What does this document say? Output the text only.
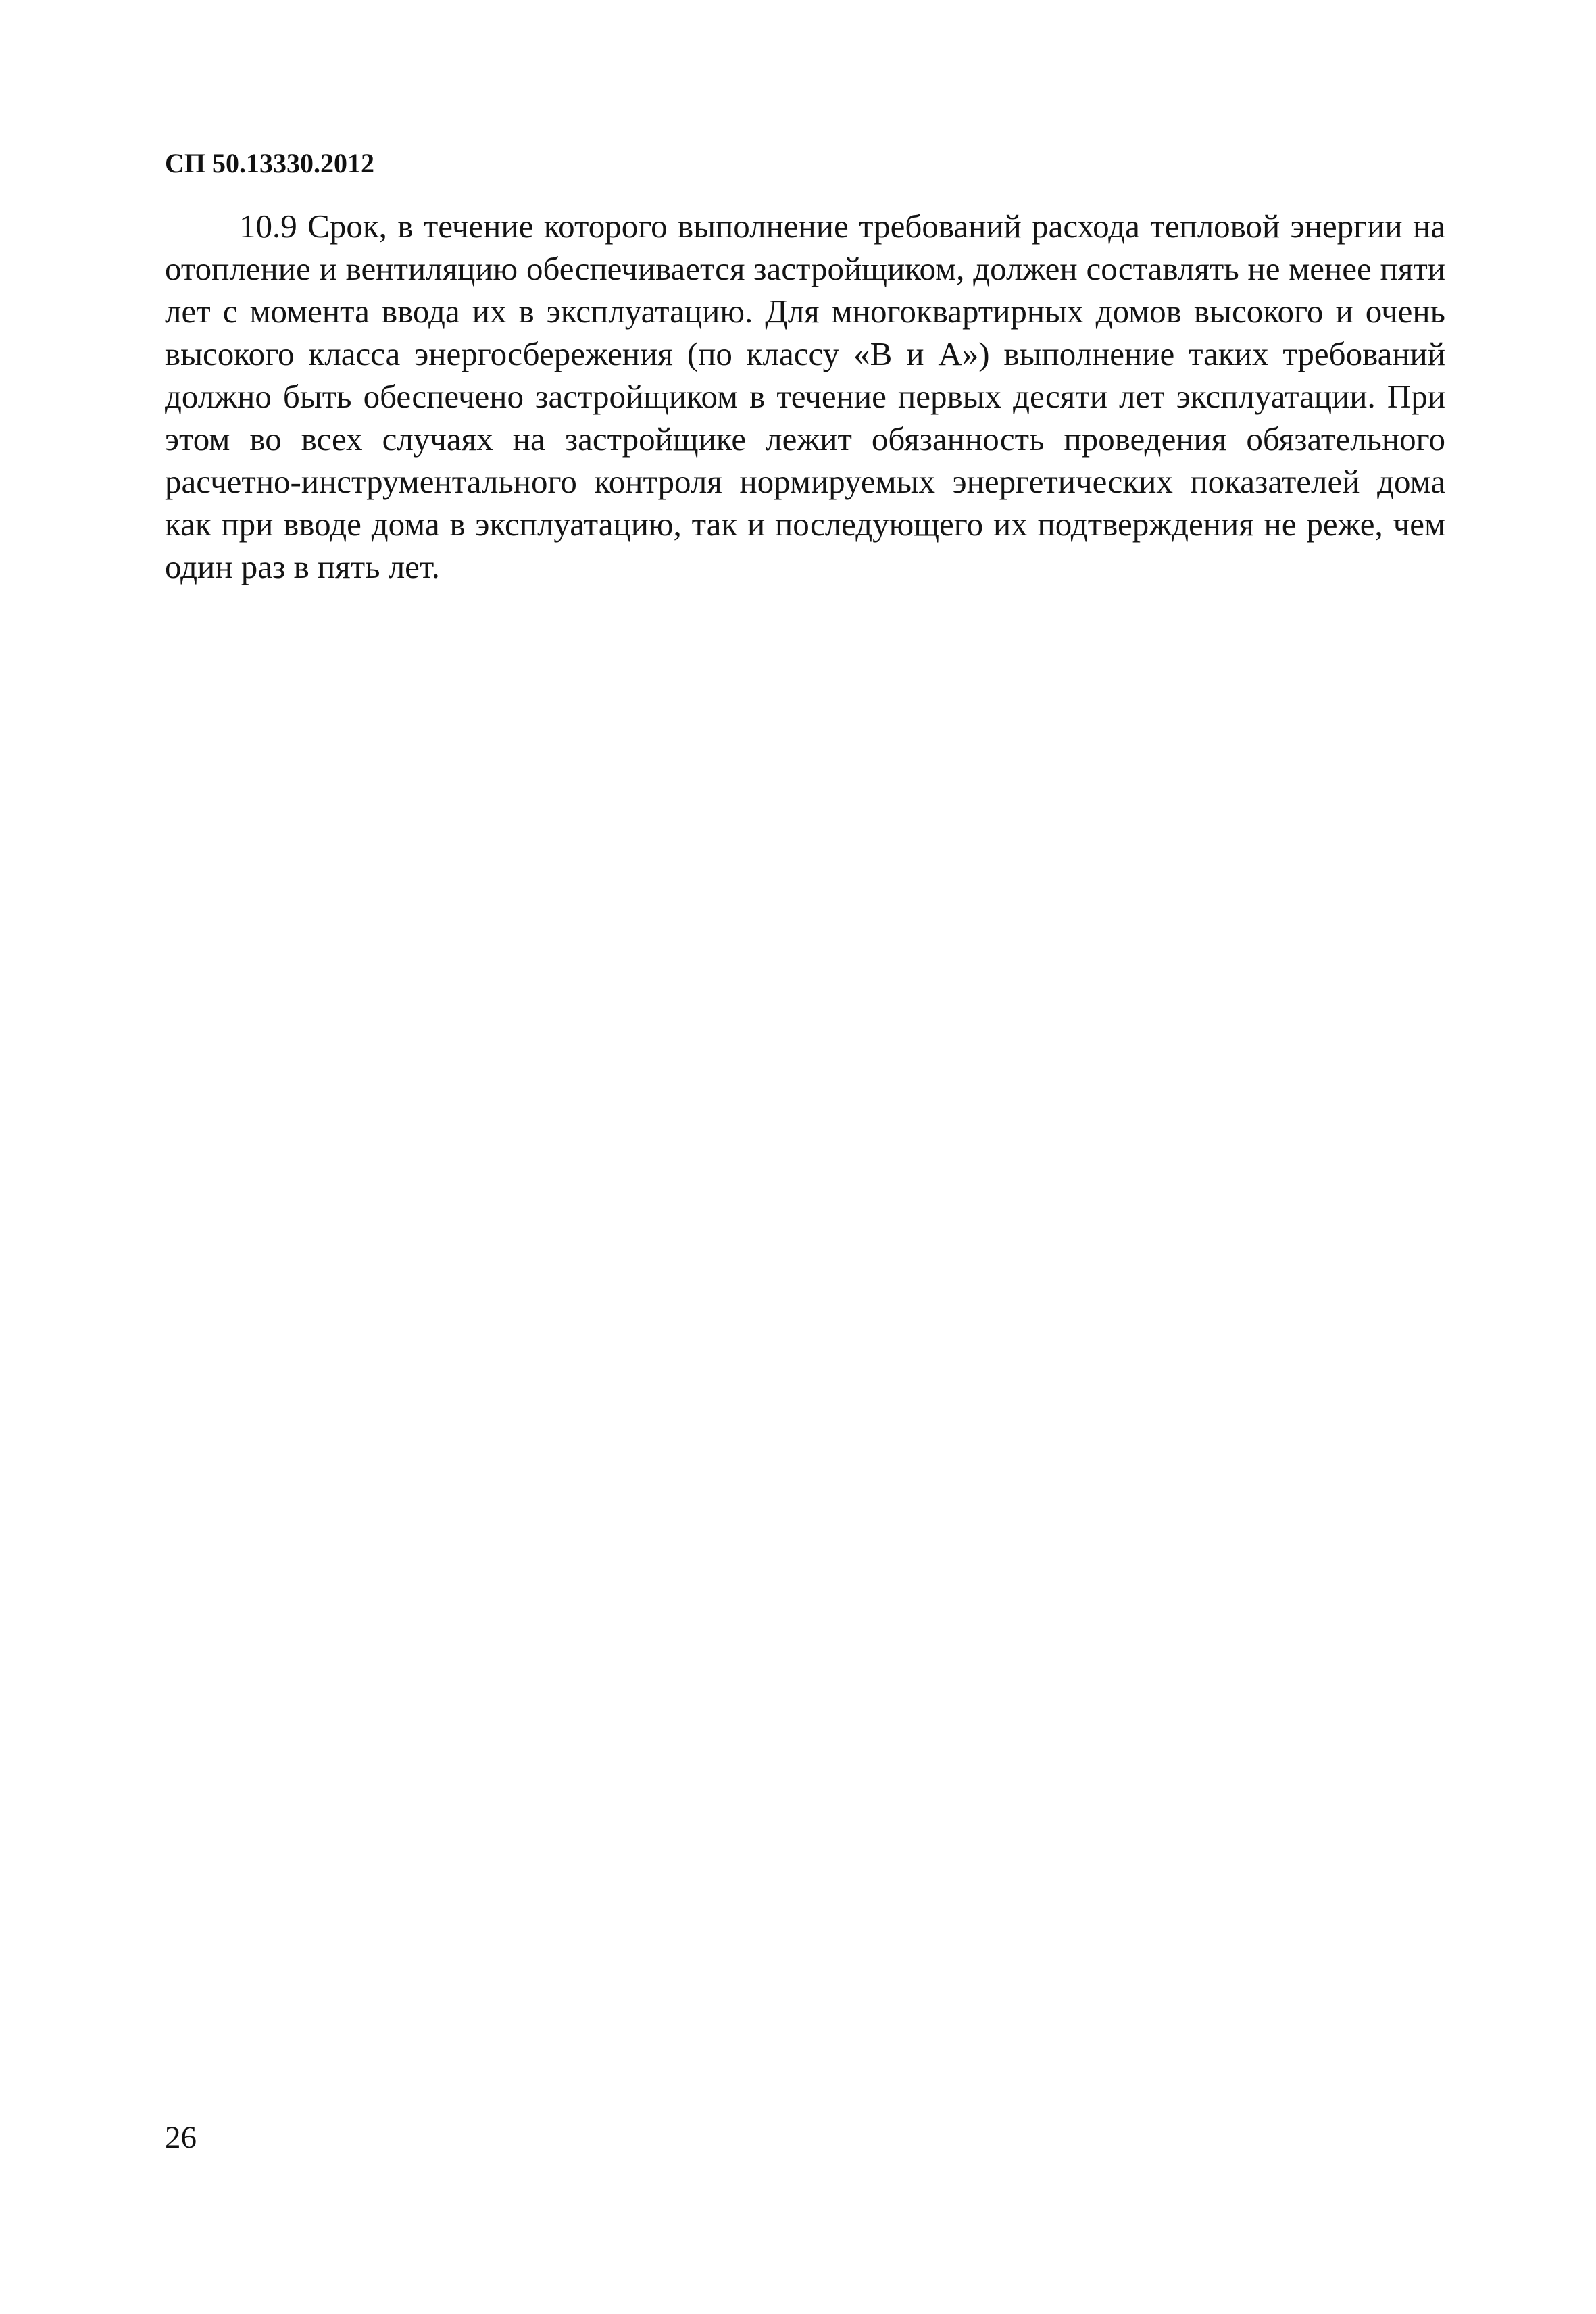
СП 50.13330.2012

10.9 Срок, в течение которого выполнение требований расхода тепловой энергии на отопление и вентиляцию обеспечивается застройщиком, должен составлять не менее пяти лет с момента ввода их в эксплуатацию. Для многоквартирных домов высокого и очень высокого класса энергосбережения (по классу «В и А») выполнение таких требований должно быть обеспечено застройщиком в течение первых десяти лет эксплуатации. При этом во всех случаях на застройщике лежит обязанность проведения обязательного расчетно-инструментального контроля нормируемых энергетических показателей дома как при вводе дома в эксплуатацию, так и последующего их подтверждения не реже, чем один раз в пять лет.

26
